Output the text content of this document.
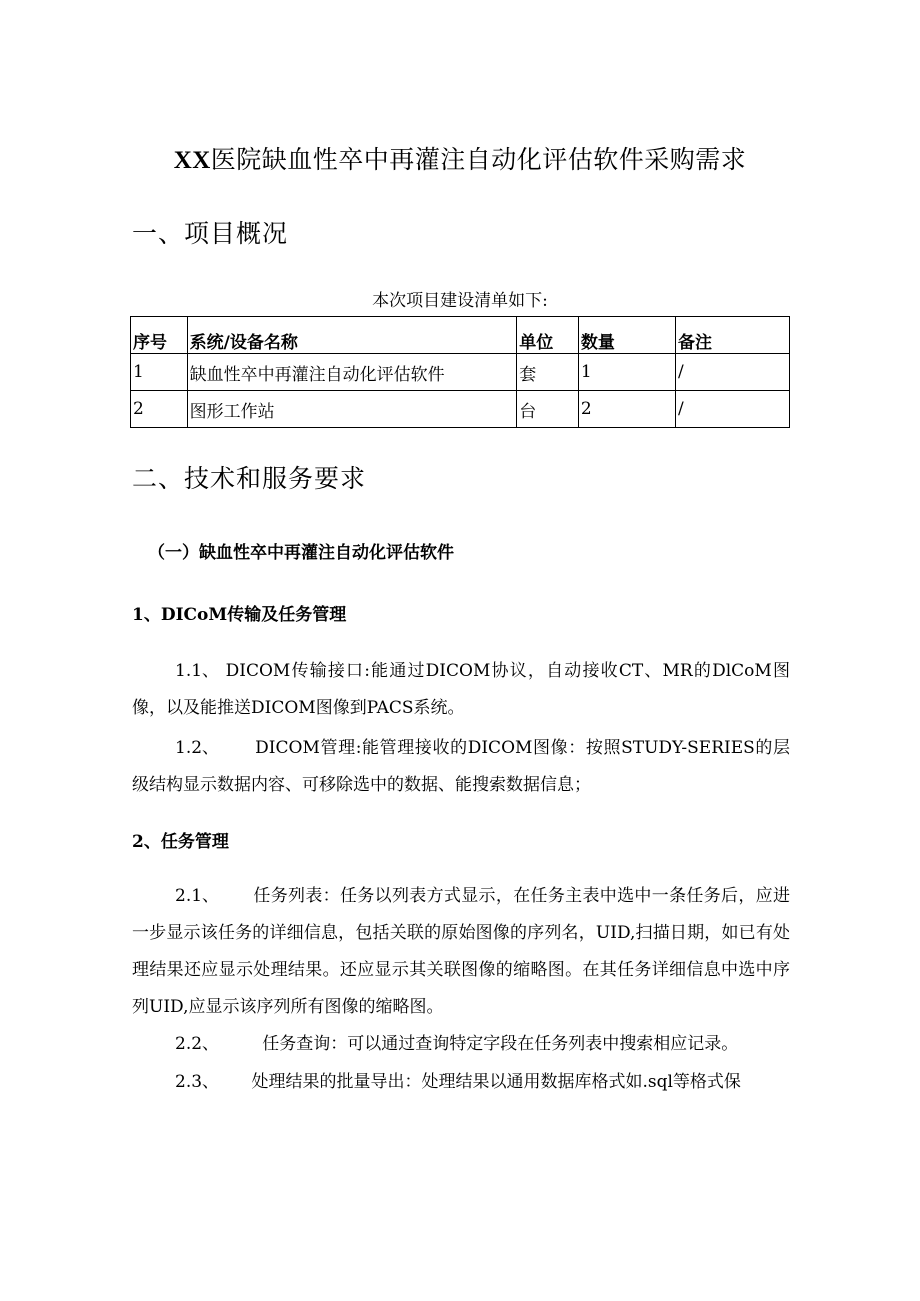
XX医院缺血性卒中再灌注自动化评估软件采购需求
一、项目概况
本次项目建设清单如下:
序号	系统/设备名称	单位	数量	备注
1	缺血性卒中再灌注自动化评估软件	套	1	/
2	图形工作站	台	2	/
二、技术和服务要求
（一）缺血性卒中再灌注自动化评估软件
1、DICoM传输及任务管理
1.1、 DICOM传输接口:能通过DICOM协议，自动接收CT、MR的DlCoM图像，以及能推送DICOM图像到PACS系统。
1.2、      DICOM管理:能管理接收的DICOM图像：按照STUDY-SERIES的层级结构显示数据内容、可移除选中的数据、能搜索数据信息；
2、任务管理
2.1、      任务列表：任务以列表方式显示，在任务主表中选中一条任务后，应进一步显示该任务的详细信息，包括关联的原始图像的序列名，UID,扫描日期，如已有处理结果还应显示处理结果。还应显示其关联图像的缩略图。在其任务详细信息中选中序列UID,应显示该序列所有图像的缩略图。
2.2、        任务查询：可以通过查询特定字段在任务列表中搜索相应记录。
2.3、      处理结果的批量导出：处理结果以通用数据库格式如.sql等格式保
